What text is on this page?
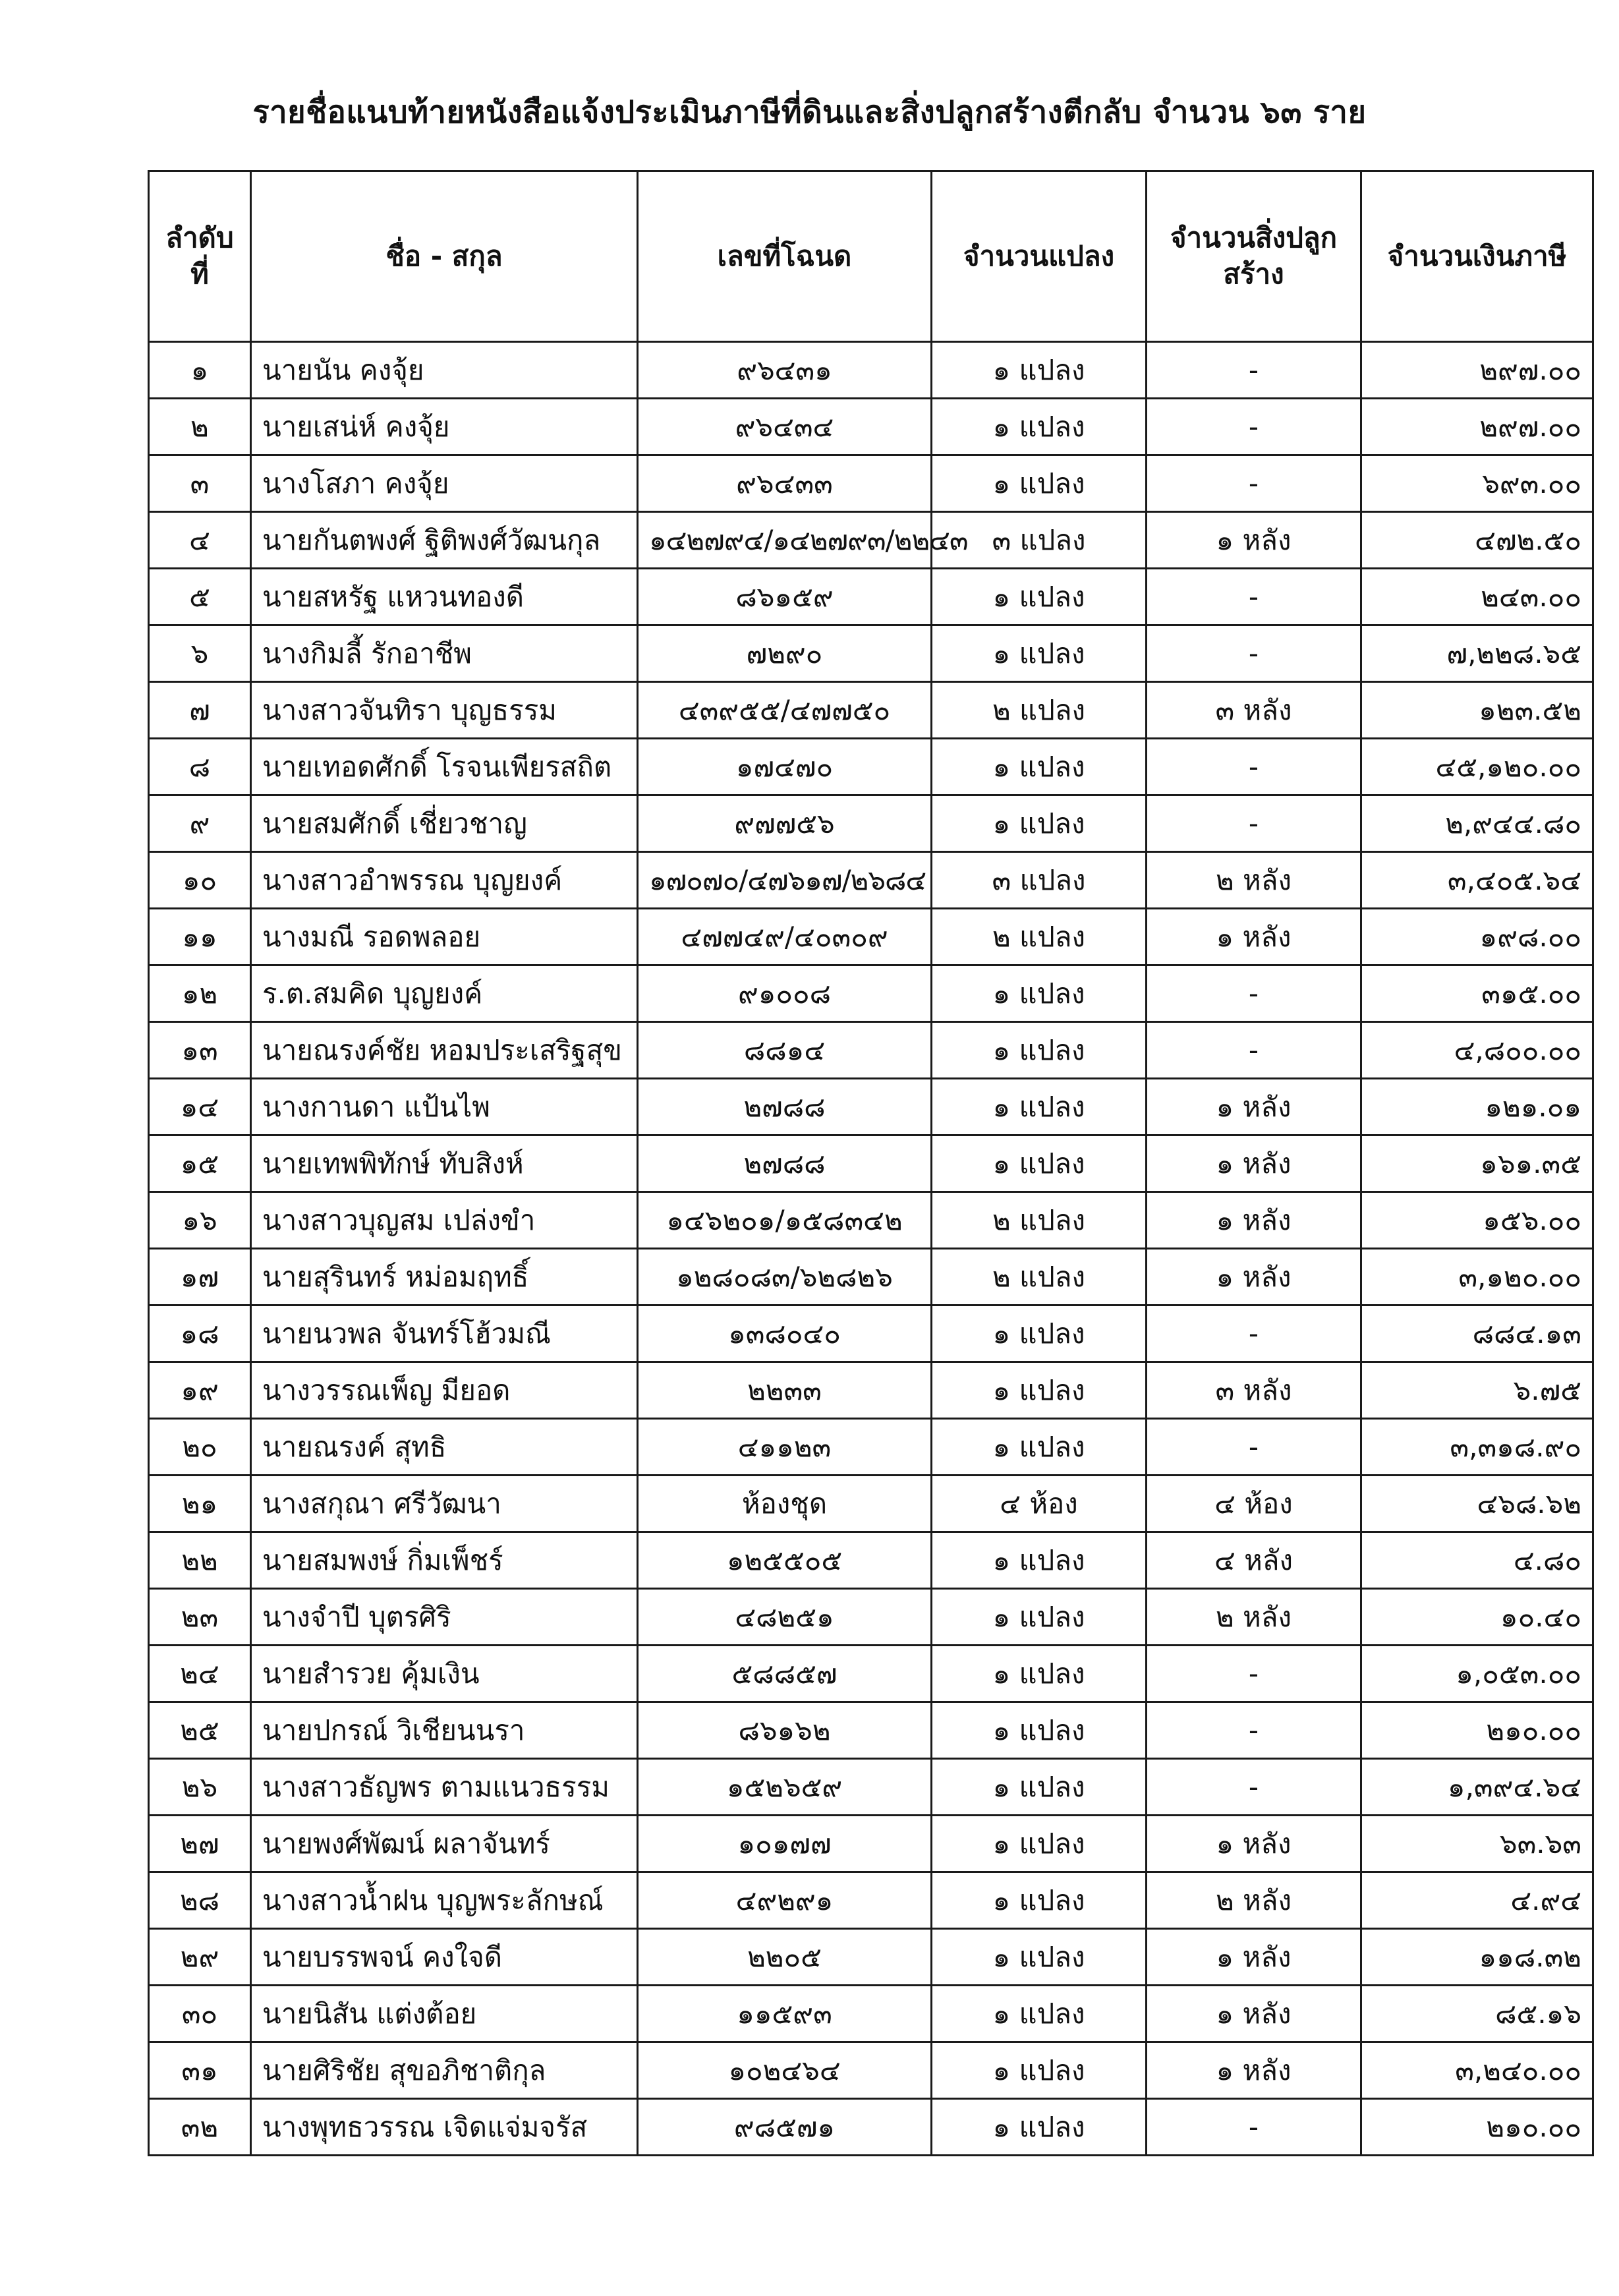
รายชื่อแนบท้ายหนังสือแจ้งประเมินภาษีที่ดินและสิ่งปลูกสร้างตีกลับ จำนวน ๖๓ ราย
ลำดับที่	ชื่อ - สกุล	เลขที่โฉนด	จำนวนแปลง	จำนวนสิ่งปลูกสร้าง	จำนวนเงินภาษี
๑	นายนัน คงจุ้ย	๙๖๔๓๑	๑ แปลง	-	๒๙๗.๐๐
๒	นายเสน่ห์ คงจุ้ย	๙๖๔๓๔	๑ แปลง	-	๒๙๗.๐๐
๓	นางโสภา คงจุ้ย	๙๖๔๓๓	๑ แปลง	-	๖๙๓.๐๐
๔	นายกันตพงศ์ ฐิติพงศ์วัฒนกุล	๑๔๒๗๙๔/๑๔๒๗๙๓/๒๒๔๓	๓ แปลง	๑ หลัง	๔๗๒.๕๐
๕	นายสหรัฐ แหวนทองดี	๘๖๑๕๙	๑ แปลง	-	๒๔๓.๐๐
๖	นางกิมลี้ รักอาชีพ	๗๒๙๐	๑ แปลง	-	๗,๒๒๘.๖๕
๗	นางสาวจันทิรา บุญธรรม	๔๓๙๕๕/๔๗๗๕๐	๒ แปลง	๓ หลัง	๑๒๓.๕๒
๘	นายเทอดศักดิ์ โรจนเพียรสถิต	๑๗๔๗๐	๑ แปลง	-	๔๕,๑๒๐.๐๐
๙	นายสมศักดิ์ เชี่ยวชาญ	๙๗๗๕๖	๑ แปลง	-	๒,๙๔๔.๘๐
๑๐	นางสาวอำพรรณ บุญยงค์	๑๗๐๗๐/๔๗๖๑๗/๒๖๘๔	๓ แปลง	๒ หลัง	๓,๔๐๕.๖๔
๑๑	นางมณี รอดพลอย	๔๗๗๔๙/๔๐๓๐๙	๒ แปลง	๑ หลัง	๑๙๘.๐๐
๑๒	ร.ต.สมคิด บุญยงค์	๙๑๐๐๘	๑ แปลง	-	๓๑๕.๐๐
๑๓	นายณรงค์ชัย หอมประเสริฐสุข	๘๘๑๔	๑ แปลง	-	๔,๘๐๐.๐๐
๑๔	นางกานดา แป้นไพ	๒๗๘๘	๑ แปลง	๑ หลัง	๑๒๑.๐๑
๑๕	นายเทพพิทักษ์ ทับสิงห์	๒๗๘๘	๑ แปลง	๑ หลัง	๑๖๑.๓๕
๑๖	นางสาวบุญสม เปล่งขำ	๑๔๖๒๐๑/๑๕๘๓๔๒	๒ แปลง	๑ หลัง	๑๕๖.๐๐
๑๗	นายสุรินทร์ หม่อมฤทธิ์	๑๒๘๐๘๓/๖๒๘๒๖	๒ แปลง	๑ หลัง	๓,๑๒๐.๐๐
๑๘	นายนวพล จันทร์โฮ้วมณี	๑๓๘๐๔๐	๑ แปลง	-	๘๘๔.๑๓
๑๙	นางวรรณเพ็ญ มียอด	๒๒๓๓	๑ แปลง	๓ หลัง	๖.๗๕
๒๐	นายณรงค์ สุทธิ	๔๑๑๒๓	๑ แปลง	-	๓,๓๑๘.๙๐
๒๑	นางสกุณา ศรีวัฒนา	ห้องชุด	๔ ห้อง	๔ ห้อง	๔๖๘.๖๒
๒๒	นายสมพงษ์ กิ่มเพ็ชร์	๑๒๕๕๐๕	๑ แปลง	๔ หลัง	๔.๘๐
๒๓	นางจำปี บุตรศิริ	๔๘๒๕๑	๑ แปลง	๒ หลัง	๑๐.๔๐
๒๔	นายสำรวย คุ้มเงิน	๕๘๘๕๗	๑ แปลง	-	๑,๐๕๓.๐๐
๒๕	นายปกรณ์ วิเชียนนรา	๘๖๑๖๒	๑ แปลง	-	๒๑๐.๐๐
๒๖	นางสาวธัญพร ตามแนวธรรม	๑๕๒๖๕๙	๑ แปลง	-	๑,๓๙๔.๖๔
๒๗	นายพงศ์พัฒน์ ผลาจันทร์	๑๐๑๗๗	๑ แปลง	๑ หลัง	๖๓.๖๓
๒๘	นางสาวน้ำฝน บุญพระลักษณ์	๔๙๒๙๑	๑ แปลง	๒ หลัง	๔.๙๔
๒๙	นายบรรพจน์ คงใจดี	๒๒๐๕	๑ แปลง	๑ หลัง	๑๑๘.๓๒
๓๐	นายนิสัน แต่งต้อย	๑๑๕๙๓	๑ แปลง	๑ หลัง	๘๕.๑๖
๓๑	นายศิริชัย สุขอภิชาติกุล	๑๐๒๔๖๔	๑ แปลง	๑ หลัง	๓,๒๔๐.๐๐
๓๒	นางพุทธวรรณ เจิดแจ่มจรัส	๙๘๕๗๑	๑ แปลง	-	๒๑๐.๐๐
